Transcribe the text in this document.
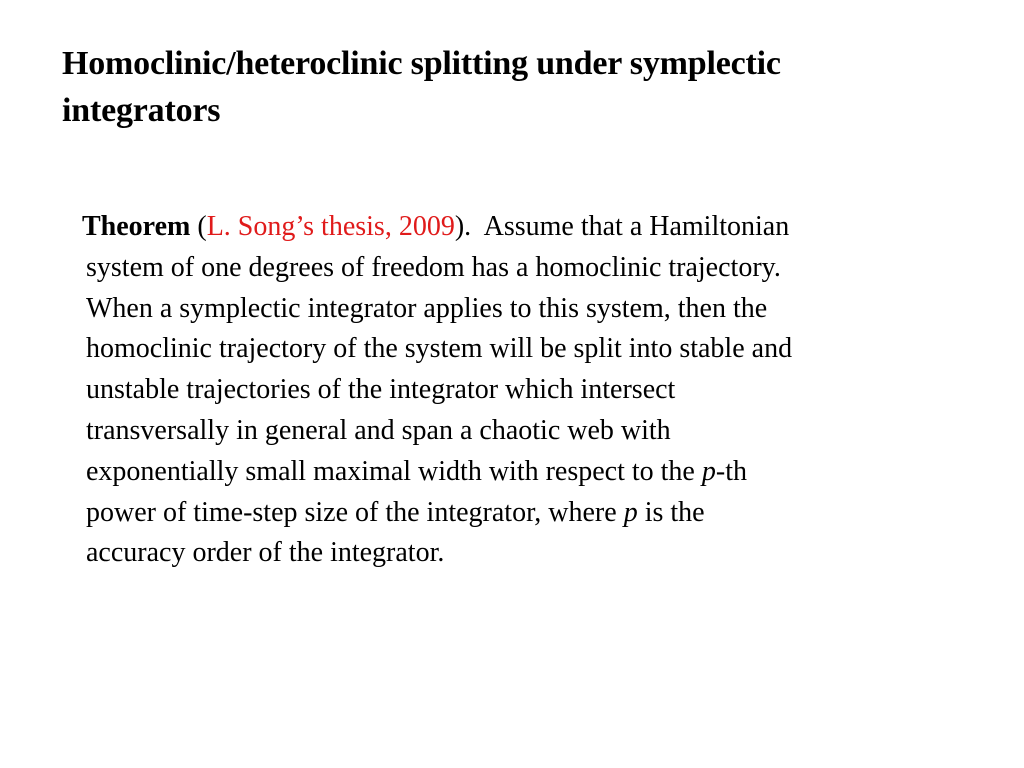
Homoclinic/heteroclinic splitting under symplectic
integrators
Theorem (L. Song’s thesis, 2009).  Assume that a Hamiltonian
system of one degrees of freedom has a homoclinic trajectory.
When a symplectic integrator applies to this system, then the
homoclinic trajectory of the system will be split into stable and
unstable trajectories of the integrator which intersect
transversally in general and span a chaotic web with
exponentially small maximal width with respect to the p-th
power of time-step size of the integrator, where p is the
accuracy order of the integrator.
